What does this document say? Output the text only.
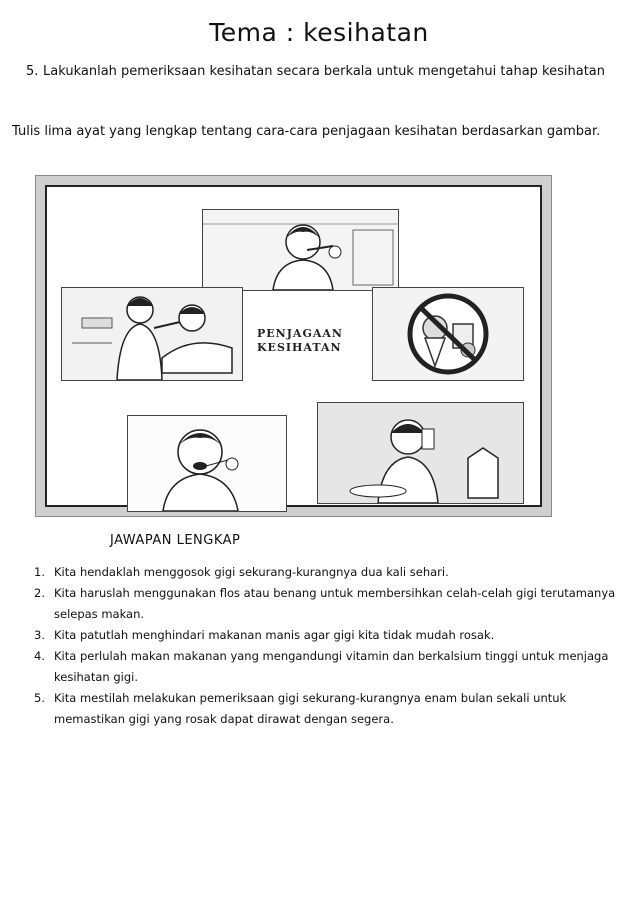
Tema : kesihatan
5. Lakukanlah pemeriksaan kesihatan secara berkala untuk mengetahui tahap kesihatan
Tulis lima ayat yang lengkap tentang cara-cara penjagaan kesihatan berdasarkan gambar.
PENJAGAAN
KESIHATAN
JAWAPAN LENGKAP
1. Kita hendaklah menggosok gigi sekurang-kurangnya dua kali sehari.
2. Kita haruslah menggunakan flos atau benang untuk membersihkan celah-celah gigi terutamanya selepas makan.
3. Kita patutlah menghindari makanan manis agar gigi kita tidak mudah rosak.
4. Kita perlulah makan makanan yang mengandungi vitamin dan berkalsium tinggi untuk menjaga kesihatan gigi.
5. Kita mestilah melakukan pemeriksaan gigi sekurang-kurangnya enam bulan sekali untuk memastikan gigi yang rosak dapat dirawat dengan segera.
